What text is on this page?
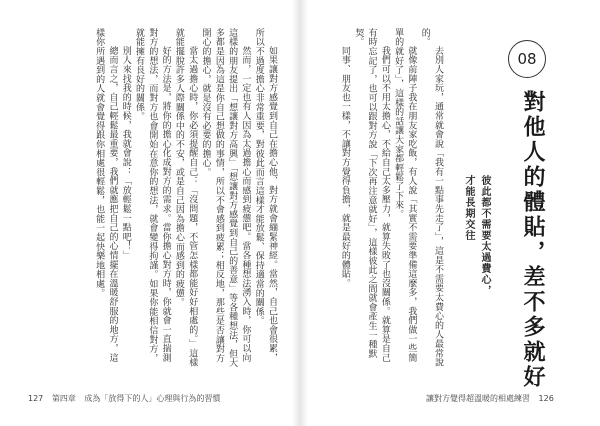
如果讓對方感覺到自己在擔心他、對方就會繃緊神經。當然，自己也會很累，所以不過度擔心非常重要，對彼此而言這樣才能放鬆、保持適當的關係。

然而，一定也有人因為太過擔心而感到疲憊吧。當各種想法湧入時，你可以向這樣的朋友提出「想讓對方高興」「想讓對方感覺到自己的善意」等各種想法，但大多都是因為這是你自己想做的事情，所以不會感到疲累；相反地，那些是否讓對方開心的擔心，就是沒有必要的擔心。

當太過擔心時，你必須提醒自己：「沒問題，不管怎樣都能好好相處的。」這樣就能擺脫許多人際關係中的不安，或是自己因為擔心而感到的疲憊。

好的方法是，將你的擔心化成對方的需求。當你擔心對方時，你就會一直揣測對方的想法，而對方也會開始在意你的想法，就會變得拘謹。如果你能相信對方，就能擁有良好的關係。

別人來找我的時候，我就會說：「放輕鬆一點吧！」

總而言之，自己輕鬆最重要，我們就應把自己的心情擺在溫暖舒服的地方，這樣你所遇到的人就會覺得跟你相處很輕鬆，也能一起快樂地相處。

127 第四章 成為「放得下的人」心理與行為的習慣

去別人家玩，通常就會說「我有一點事先走了」，這是不需要太費心的人最常說的。

就像前陣子我在朋友家吃飯，有人說「其實不需要準備這麼多，我們做一些簡單的就好了」，這樣的話讓大家都輕鬆了下來。

我們可以不用太擔心，不給自己太多壓力，就算失敗了也沒關係。就算是自己有時忘記了，也可以跟對方說「下次再注意就好」，這樣彼此之間就會產生一種默契。

同事、朋友也一樣，不讓對方覺得負擔，就是最好的體貼。	彼此都不需要太過費心，
才能長期交往
08
對他人的體貼，差不多就好
讓對方覺得超溫暖的相處練習 126
